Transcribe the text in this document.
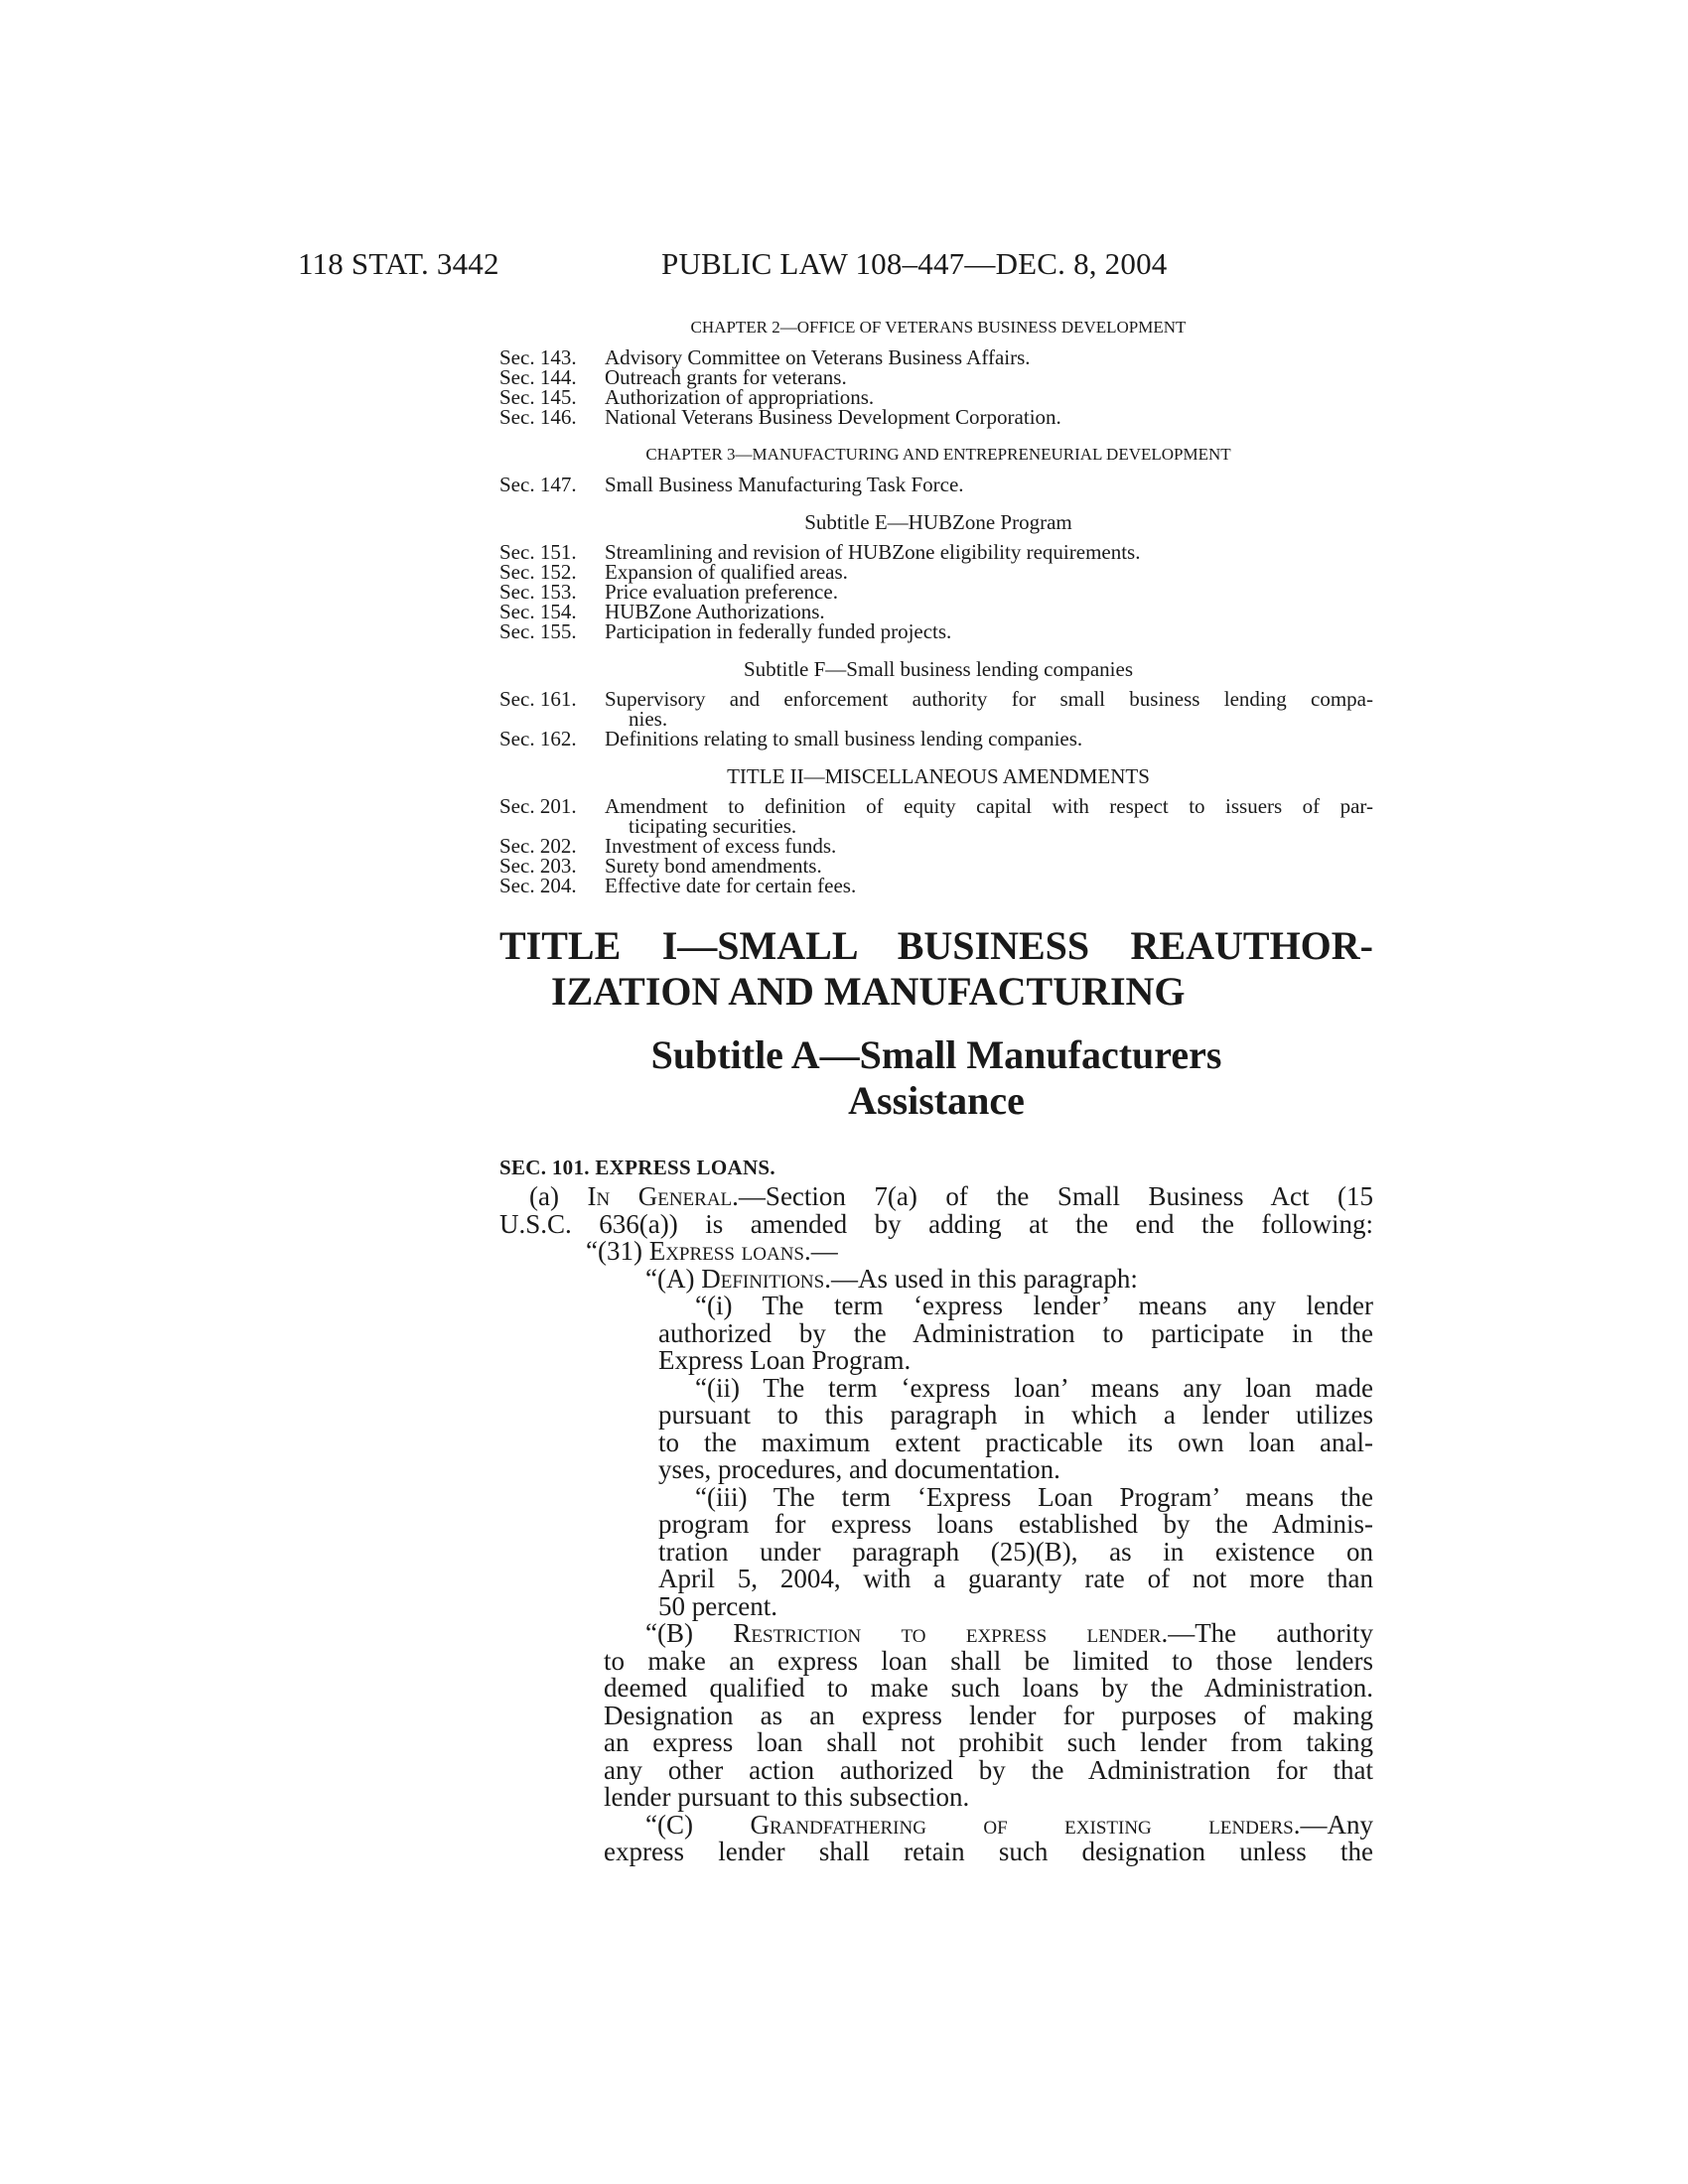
118 STAT. 3442	PUBLIC LAW 108–447—DEC. 8, 2004
CHAPTER 2—OFFICE OF VETERANS BUSINESS DEVELOPMENT
Sec. 143. Advisory Committee on Veterans Business Affairs.
Sec. 144. Outreach grants for veterans.
Sec. 145. Authorization of appropriations.
Sec. 146. National Veterans Business Development Corporation.
CHAPTER 3—MANUFACTURING AND ENTREPRENEURIAL DEVELOPMENT
Sec. 147. Small Business Manufacturing Task Force.
Subtitle E—HUBZone Program
Sec. 151. Streamlining and revision of HUBZone eligibility requirements.
Sec. 152. Expansion of qualified areas.
Sec. 153. Price evaluation preference.
Sec. 154. HUBZone Authorizations.
Sec. 155. Participation in federally funded projects.
Subtitle F—Small business lending companies
Sec. 161. Supervisory and enforcement authority for small business lending compa-
nies.
Sec. 162. Definitions relating to small business lending companies.
TITLE II—MISCELLANEOUS AMENDMENTS
Sec. 201. Amendment to definition of equity capital with respect to issuers of par-
ticipating securities.
Sec. 202. Investment of excess funds.
Sec. 203. Surety bond amendments.
Sec. 204. Effective date for certain fees.
TITLE I—SMALL BUSINESS REAUTHOR-
IZATION AND MANUFACTURING
Subtitle A—Small Manufacturers
Assistance
SEC. 101. EXPRESS LOANS.
(a) In General.—Section 7(a) of the Small Business Act (15
U.S.C. 636(a)) is amended by adding at the end the following:
“(31) Express loans.—
“(A) Definitions.—As used in this paragraph:
“(i) The term ‘express lender’ means any lender
authorized by the Administration to participate in the
Express Loan Program.
“(ii) The term ‘express loan’ means any loan made
pursuant to this paragraph in which a lender utilizes
to the maximum extent practicable its own loan anal-
yses, procedures, and documentation.
“(iii) The term ‘Express Loan Program’ means the
program for express loans established by the Adminis-
tration under paragraph (25)(B), as in existence on
April 5, 2004, with a guaranty rate of not more than
50 percent.
“(B) Restriction to express lender.—The authority
to make an express loan shall be limited to those lenders
deemed qualified to make such loans by the Administration.
Designation as an express lender for purposes of making
an express loan shall not prohibit such lender from taking
any other action authorized by the Administration for that
lender pursuant to this subsection.
“(C) Grandfathering of existing lenders.—Any
express lender shall retain such designation unless the
